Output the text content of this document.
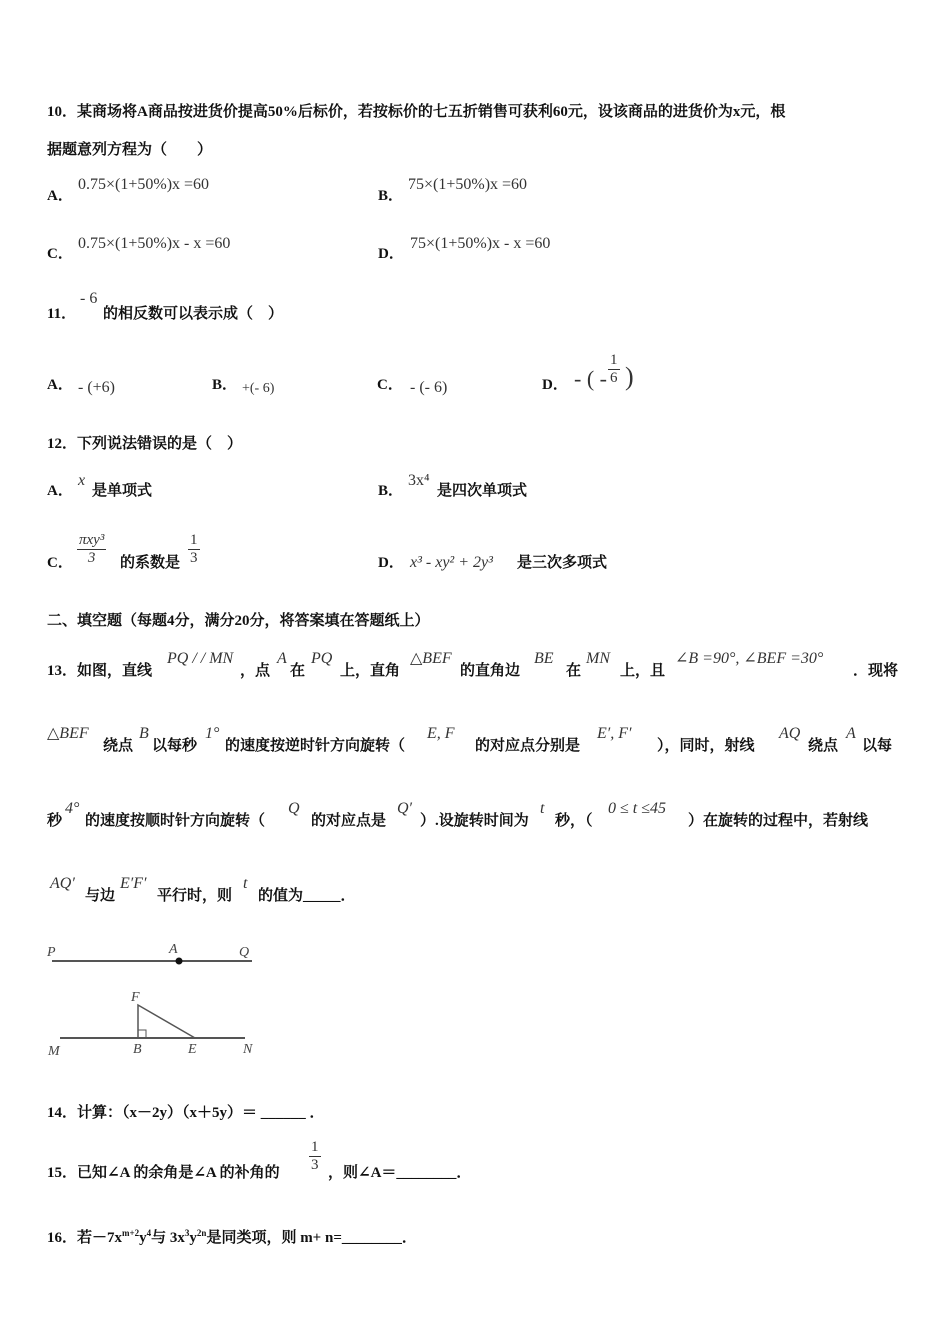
10．某商场将A商品按进货价提高50%后标价，若按标价的七五折销售可获利60元，设该商品的进货价为x元，根
据题意列方程为（　　）
A．
0.75×(1+50%)x =60
B．
75×(1+50%)x =60
C．
0.75×(1+50%)x - x =60
D．
75×(1+50%)x - x =60
11．
- 6
的相反数可以表示成（　）
A． - (+6)	B． +(- 6)	C． - (- 6)	D． - ( - $\frac{1}{6}$ )
12．下列说法错误的是（　）
A．
x
是单项式	B．
3x⁴
是四次单项式
C．
πxy³
3	的系数是 $\frac{1}{3}$	D． x³ - xy² + 2y³ 是三次多项式
二、填空题（每题4分，满分20分，将答案填在答题纸上）
13．如图，直线
PQ / / MN
，点
A
在
PQ
上，直角
△BEF
的直角边
BE
在
MN
上，且
∠B =90°, ∠BEF =30°
．现将
△BEF
绕点
B
以每秒
1°
的速度按逆时针方向旋转（
E, F
的对应点分别是
E′, F′
），同时，射线
AQ
绕点
A
以每
秒
4°
的速度按顺时针方向旋转（
Q
的对应点是
Q′
）.设旋转时间为
t
秒，（
0 ≤ t ≤45
）在旋转的过程中，若射线
AQ′
与边
E′F′
平行时，则
t
的值为_____．
P	A	Q
F
M	B	E	N
14．计算：（x－2y）（x＋5y）＝ ______ ．
15．已知∠A 的余角是∠A 的补角的 $\frac{1}{3}$ ，则∠A＝________．
16．若$-7x^{m+2}y^4$与 $3x^3y^{2n}$是同类项，则 m+ n=________．
